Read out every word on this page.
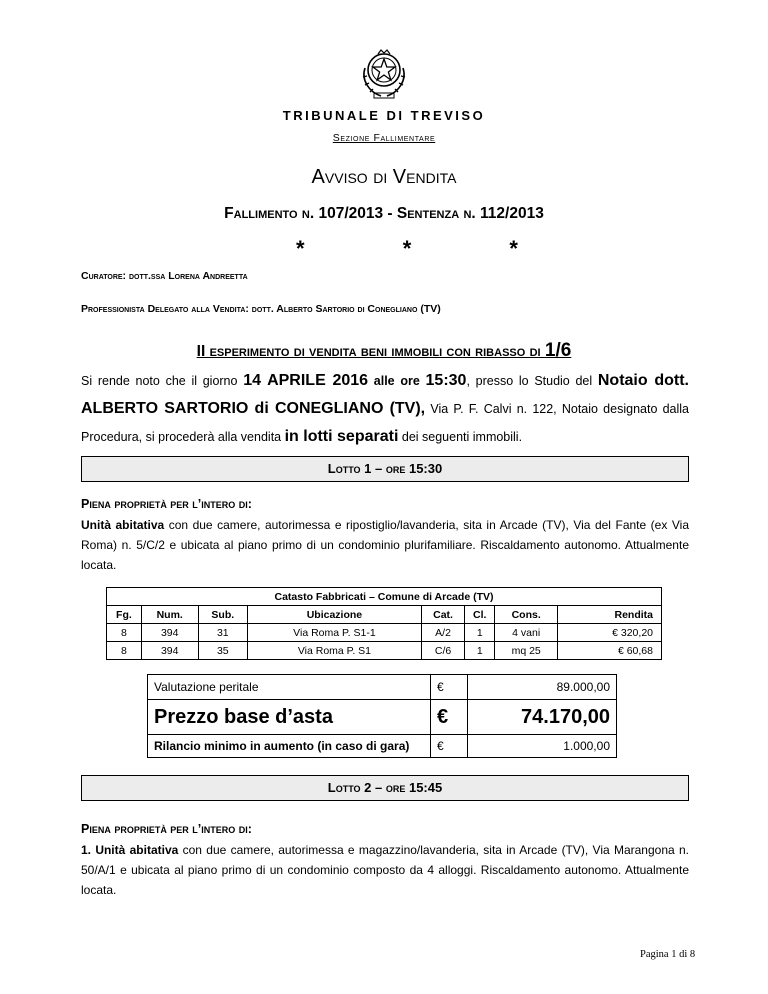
TRIBUNALE DI TREVISO
Sezione Fallimentare
Avviso di Vendita
Fallimento n. 107/2013 - Sentenza n. 112/2013
* * *
Curatore: dott.ssa Lorena Andreetta
Professionista Delegato alla Vendita: dott. Alberto Sartorio di Conegliano (TV)
II esperimento di vendita beni immobili con ribasso di 1/6
Si rende noto che il giorno 14 APRILE 2016 alle ore 15:30, presso lo Studio del Notaio dott. ALBERTO SARTORIO di CONEGLIANO (TV), Via P. F. Calvi n. 122, Notaio designato dalla Procedura, si procederà alla vendita in lotti separati dei seguenti immobili.
Lotto 1 – ore 15:30
Piena proprietà per l’intero di:
Unità abitativa con due camere, autorimessa e ripostiglio/lavanderia, sita in Arcade (TV), Via del Fante (ex Via Roma) n. 5/C/2 e ubicata al piano primo di un condominio plurifamiliare. Riscaldamento autonomo. Attualmente locata.
Catasto Fabbricati – Comune di Arcade (TV)							
Fg.	Num.	Sub.	Ubicazione	Cat.	Cl.	Cons.	Rendita
8	394	31	Via Roma P. S1-1	A/2	1	4 vani	€ 320,20
8	394	35	Via Roma P. S1	C/6	1	mq 25	€ 60,68
Valutazione peritale	€	89.000,00
Prezzo base d’asta	€	74.170,00
Rilancio minimo in aumento (in caso di gara)	€	1.000,00
Lotto 2 – ore 15:45
Piena proprietà per l’intero di:
1. Unità abitativa con due camere, autorimessa e magazzino/lavanderia, sita in Arcade (TV), Via Marangona n. 50/A/1 e ubicata al piano primo di un condominio composto da 4 alloggi. Riscaldamento autonomo. Attualmente locata.
Pagina 1 di 8
